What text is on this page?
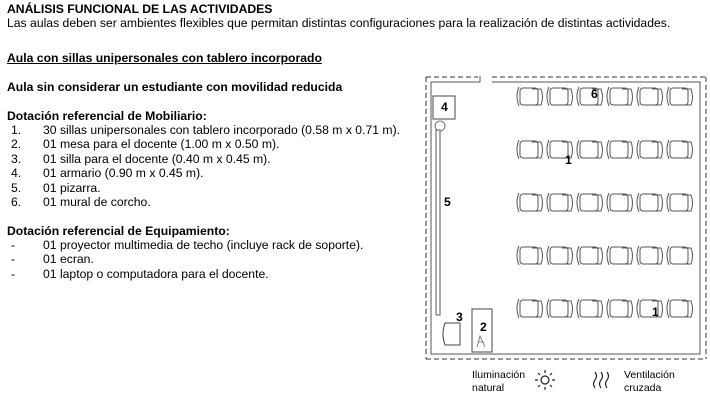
ANÁLISIS FUNCIONAL DE LAS ACTIVIDADES
Las aulas deben ser ambientes flexibles que permitan distintas configuraciones para la realización de distintas actividades.
Aula con sillas unipersonales con tablero incorporado
Aula sin considerar un estudiante con movilidad reducida
Dotación referencial de Mobiliario:
1. 30 sillas unipersonales con tablero incorporado (0.58 m x 0.71 m).
2. 01 mesa para el docente (1.00 m x 0.50 m).
3. 01 silla para el docente (0.40 m x 0.45 m).
4. 01 armario (0.90 m x 0.45 m).
5. 01 pizarra.
6. 01 mural de corcho.
Dotación referencial de Equipamiento:
- 01 proyector multimedia de techo (incluye rack de soporte).
- 01 ecran.
- 01 laptop o computadora para el docente.
4
5
6
1
1
3
2
Iluminación
natural
Ventilación
cruzada
